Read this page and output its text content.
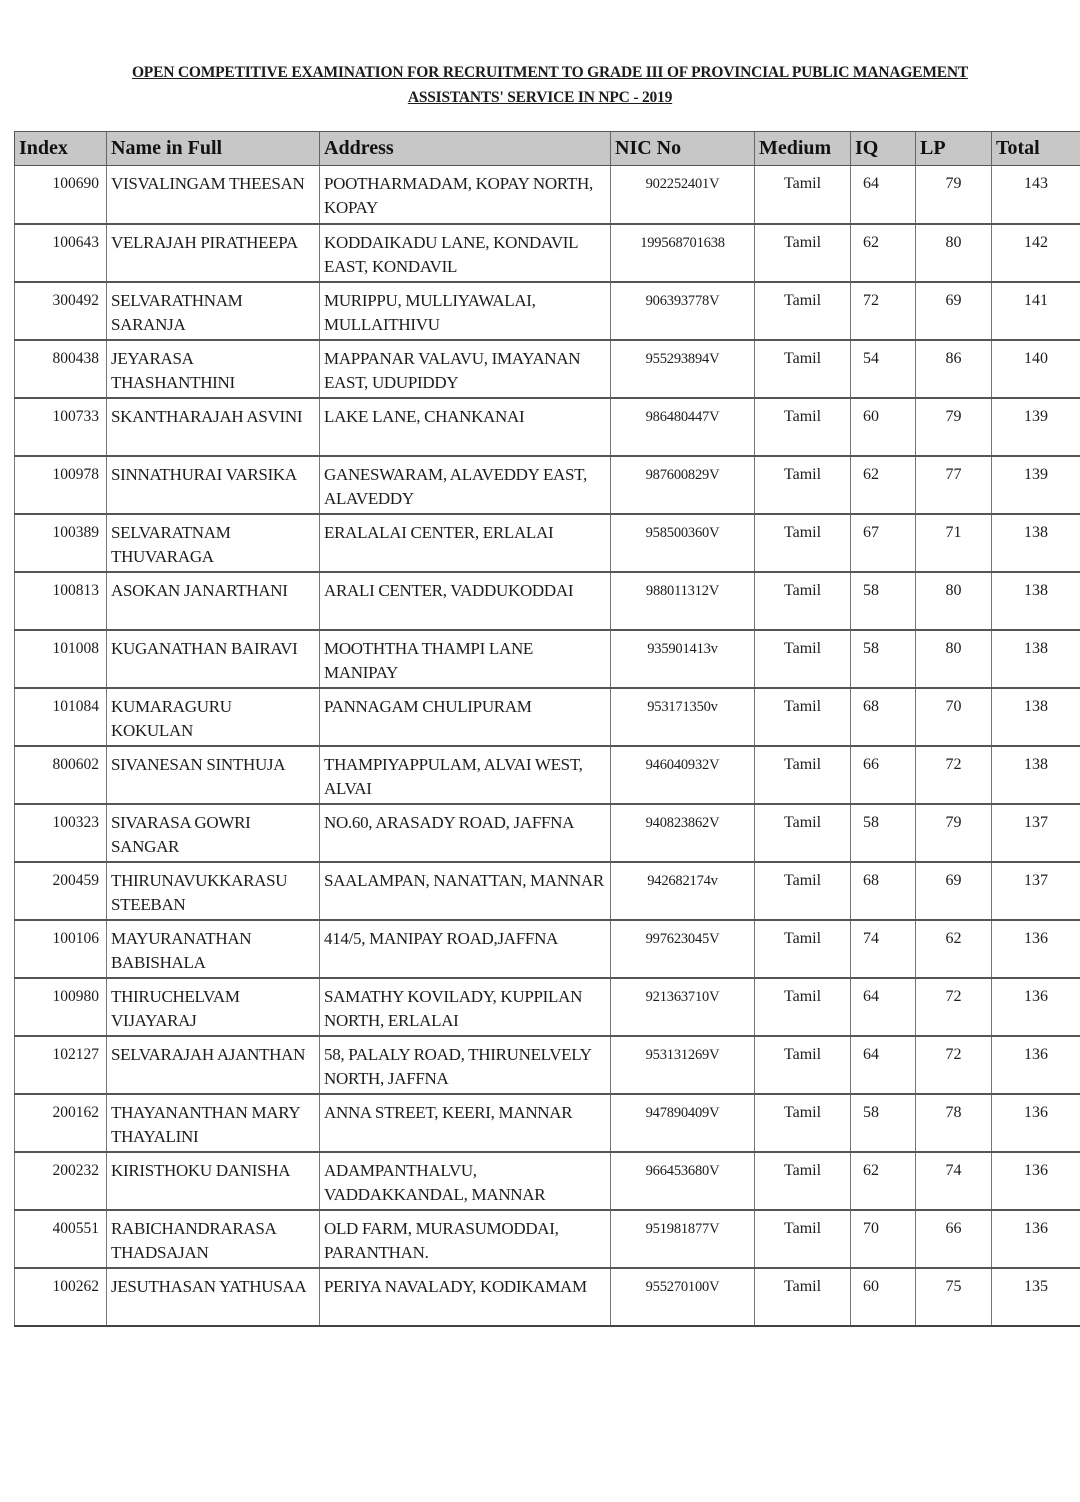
OPEN COMPETITIVE EXAMINATION FOR RECRUITMENT TO GRADE III OF PROVINCIAL PUBLIC MANAGEMENT
ASSISTANTS' SERVICE IN NPC - 2019
Index	Name in Full	Address	NIC No	Medium	IQ	LP	Total
100690	VISVALINGAM THEESAN	POOTHARMADAM, KOPAY NORTH, KOPAY	902252401V	Tamil	64	79	143
100643	VELRAJAH PIRATHEEPA	KODDAIKADU LANE, KONDAVIL EAST, KONDAVIL	199568701638	Tamil	62	80	142
300492	SELVARATHNAM SARANJA	MURIPPU, MULLIYAWALAI, MULLAITHIVU	906393778V	Tamil	72	69	141
800438	JEYARASA THASHANTHINI	MAPPANAR VALAVU, IMAYANAN EAST, UDUPIDDY	955293894V	Tamil	54	86	140
100733	SKANTHARAJAH ASVINI	LAKE LANE, CHANKANAI	986480447V	Tamil	60	79	139
100978	SINNATHURAI VARSIKA	GANESWARAM, ALAVEDDY EAST, ALAVEDDY	987600829V	Tamil	62	77	139
100389	SELVARATNAM THUVARAGA	ERALALAI CENTER, ERLALAI	958500360V	Tamil	67	71	138
100813	ASOKAN JANARTHANI	ARALI CENTER, VADDUKODDAI	988011312V	Tamil	58	80	138
101008	KUGANATHAN BAIRAVI	MOOTHTHA THAMPI LANE MANIPAY	935901413v	Tamil	58	80	138
101084	KUMARAGURU KOKULAN	PANNAGAM CHULIPURAM	953171350v	Tamil	68	70	138
800602	SIVANESAN SINTHUJA	THAMPIYAPPULAM, ALVAI WEST, ALVAI	946040932V	Tamil	66	72	138
100323	SIVARASA GOWRI SANGAR	NO.60, ARASADY ROAD, JAFFNA	940823862V	Tamil	58	79	137
200459	THIRUNAVUKKARASU STEEBAN	SAALAMPAN, NANATTAN, MANNAR	942682174v	Tamil	68	69	137
100106	MAYURANATHAN BABISHALA	414/5, MANIPAY ROAD,JAFFNA	997623045V	Tamil	74	62	136
100980	THIRUCHELVAM VIJAYARAJ	SAMATHY KOVILADY, KUPPILAN NORTH, ERLALAI	921363710V	Tamil	64	72	136
102127	SELVARAJAH AJANTHAN	58, PALALY ROAD, THIRUNELVELY NORTH, JAFFNA	953131269V	Tamil	64	72	136
200162	THAYANANTHAN MARY THAYALINI	ANNA STREET, KEERI, MANNAR	947890409V	Tamil	58	78	136
200232	KIRISTHOKU DANISHA	ADAMPANTHALVU, VADDAKKANDAL, MANNAR	966453680V	Tamil	62	74	136
400551	RABICHANDRARASA THADSAJAN	OLD FARM, MURASUMODDAI, PARANTHAN.	951981877V	Tamil	70	66	136
100262	JESUTHASAN YATHUSAA	PERIYA NAVALADY, KODIKAMAM	955270100V	Tamil	60	75	135
